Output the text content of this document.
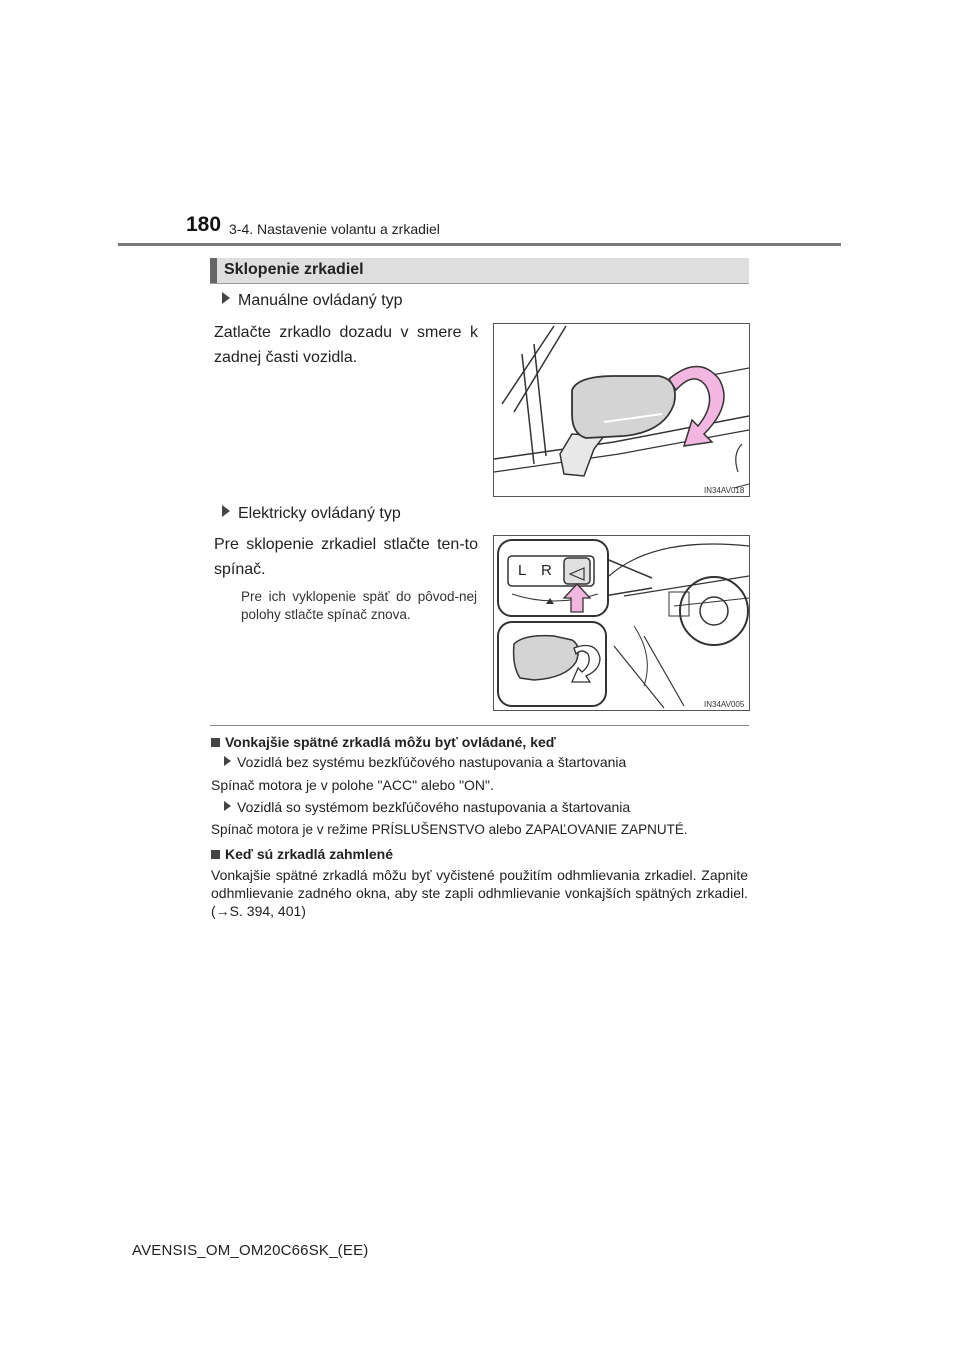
180 3-4. Nastavenie volantu a zrkadiel
Sklopenie zrkadiel
Manuálne ovládaný typ
Zatlačte zrkadlo dozadu v smere k zadnej časti vozidla.
IN34AV018
Elektricky ovládaný typ
Pre sklopenie zrkadiel stlačte ten-to spínač.
Pre ich vyklopenie späť do pôvod-nej polohy stlačte spínač znova.
L R
IN34AV005
Vonkajšie spätné zrkadlá môžu byť ovládané, keď
Vozidlá bez systému bezkľúčového nastupovania a štartovania
Spínač motora je v polohe "ACC" alebo "ON".
Vozidlá so systémom bezkľúčového nastupovania a štartovania
Spínač motora je v režime PRÍSLUŠENSTVO alebo ZAPAĽOVANIE ZAPNUTÉ.
Keď sú zrkadlá zahmlené
Vonkajšie spätné zrkadlá môžu byť vyčistené použitím odhmlievania zrkadiel. Zapnite odhmlievanie zadného okna, aby ste zapli odhmlievanie vonkajších spätných zrkadiel. (→S. 394, 401)
AVENSIS_OM_OM20C66SK_(EE)
